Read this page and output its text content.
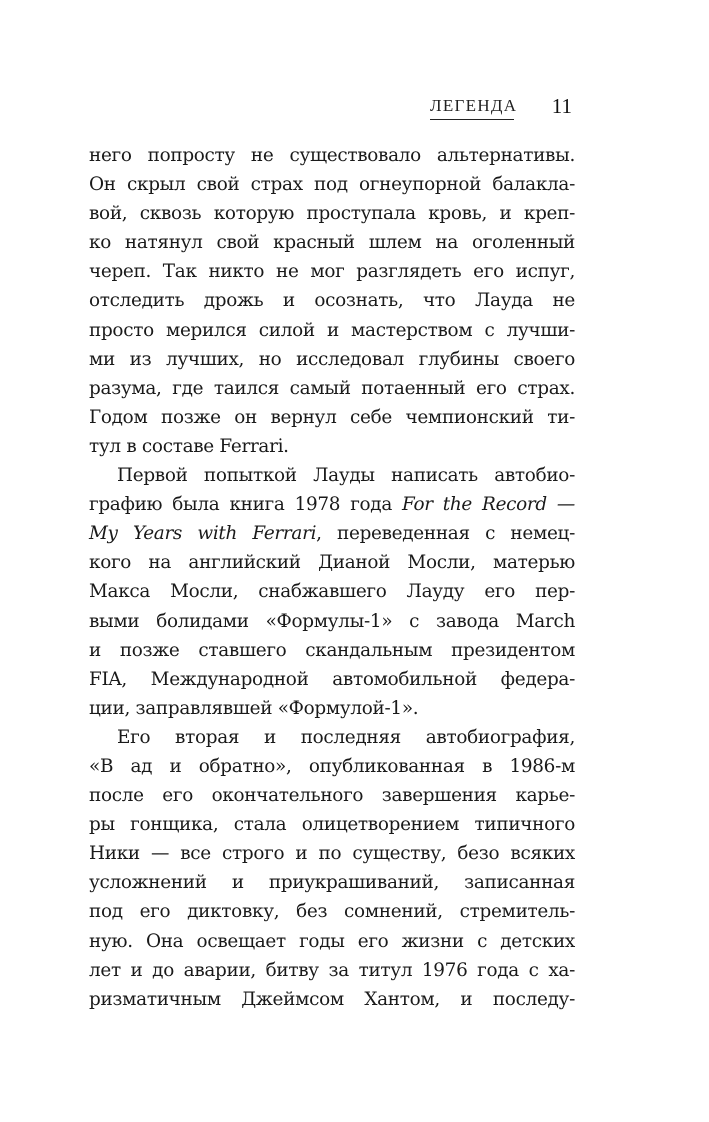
ЛЕГЕНДА 11
него попросту не существовало альтернативы.
Он скрыл свой страх под огнеупорной балаклa-
вой, сквозь которую проступала кровь, и креп-
ко натянул свой красный шлем на оголенный
череп. Так никто не мог разглядеть его испуг,
отследить дрожь и осознать, что Лауда не
просто мерился силой и мастерством с лучши-
ми из лучших, но исследовал глубины своего
разума, где таился самый потаенный его страх.
Годом позже он вернул себе чемпионский ти-
тул в составе Ferrari.
Первой попыткой Лауды написать автобио-
графию была книга 1978 года For the Record —
My Years with Ferrari, переведенная с немец-
кого на английский Дианой Мосли, матерью
Макса Мосли, снабжавшего Лауду его пер-
выми болидами «Формулы-1» с завода March
и позже ставшего скандальным президентом
FIA, Международной автомобильной федера-
ции, заправлявшей «Формулой-1».
Его вторая и последняя автобиография,
«В ад и обратно», опубликованная в 1986-м
после его окончательного завершения карье-
ры гонщика, стала олицетворением типичного
Ники — все строго и по существу, безо всяких
усложнений и приукрашиваний, записанная
под его диктовку, без сомнений, стремитель-
ную. Она освещает годы его жизни с детских
лет и до аварии, битву за титул 1976 года с ха-
ризматичным Джеймсом Хантом, и последу-
